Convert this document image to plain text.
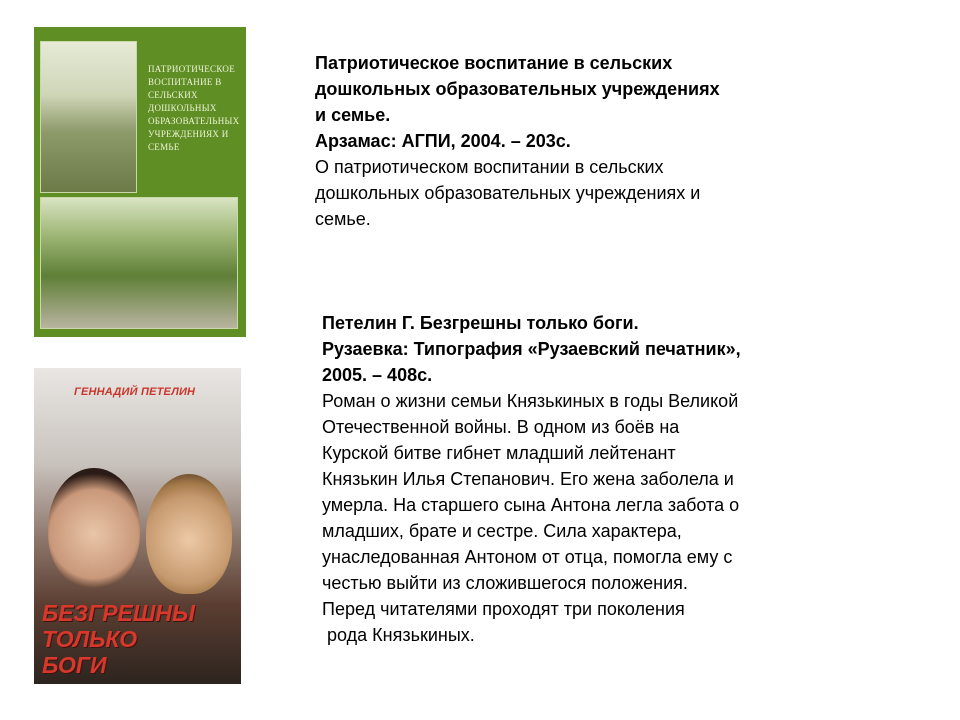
ПАТРИОТИЧЕСКОЕ ВОСПИТАНИЕ В СЕЛЬСКИХ ДОШКОЛЬНЫХ ОБРАЗОВАТЕЛЬНЫХ УЧРЕЖДЕНИЯХ И СЕМЬЕ
ГЕННАДИЙ ПЕТЕЛИН
БЕЗГРЕШНЫ
ТОЛЬКО
БОГИ
Патриотическое воспитание в сельских
дошкольных образовательных учреждениях
и семье.
Арзамас: АГПИ, 2004. – 203с.
О патриотическом воспитании в сельских
дошкольных образовательных учреждениях и
семье.
Петелин Г. Безгрешны только боги.
Рузаевка: Типография «Рузаевский печатник»,
2005. – 408с.
Роман о жизни семьи Князькиных в годы Великой
Отечественной войны. В одном из боёв на
Курской битве гибнет младший лейтенант
Князькин Илья Степанович. Его жена заболела и
умерла. На старшего сына Антона легла забота о
младших, брате и сестре. Сила характера,
унаследованная Антоном от отца, помогла ему с
честью выйти из сложившегося положения.
Перед читателями проходят три поколения
рода Князькиных.
